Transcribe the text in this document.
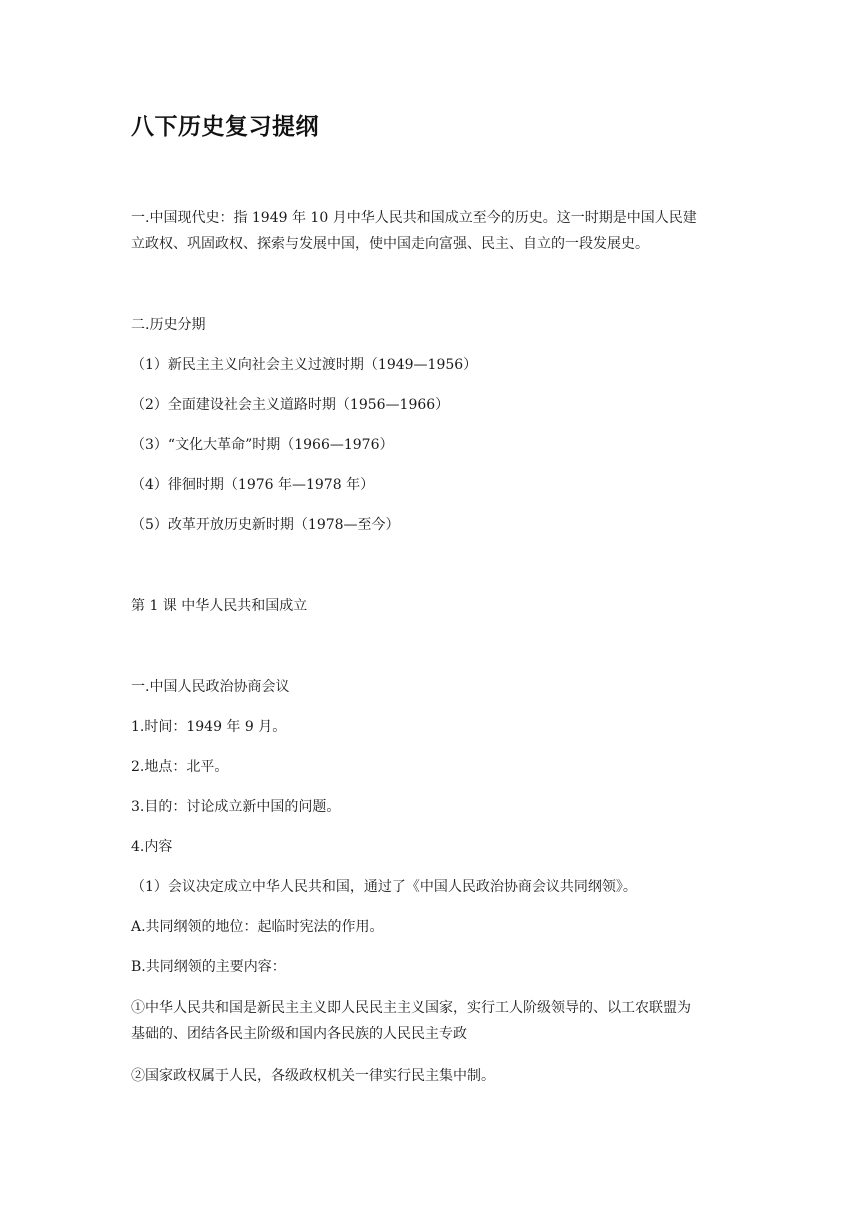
八下历史复习提纲

一.中国现代史：指 1949 年 10 月中华人民共和国成立至今的历史。这一时期是中国人民建

立政权、巩固政权、探索与发展中国，使中国走向富强、民主、自立的一段发展史。

二.历史分期

（1）新民主主义向社会主义过渡时期（1949—1956）

（2）全面建设社会主义道路时期（1956—1966）

（3）“文化大革命”时期（1966—1976）

（4）徘徊时期（1976 年—1978 年）

（5）改革开放历史新时期（1978—至今）

第 1 课 中华人民共和国成立

一.中国人民政治协商会议

1.时间：1949 年 9 月。

2.地点：北平。

3.目的：讨论成立新中国的问题。

4.内容

（1）会议决定成立中华人民共和国，通过了《中国人民政治协商会议共同纲领》。

A.共同纲领的地位：起临时宪法的作用。

B.共同纲领的主要内容：

①中华人民共和国是新民主主义即人民民主主义国家，实行工人阶级领导的、以工农联盟为

基础的、团结各民主阶级和国内各民族的人民民主专政

②国家政权属于人民，各级政权机关一律实行民主集中制。
